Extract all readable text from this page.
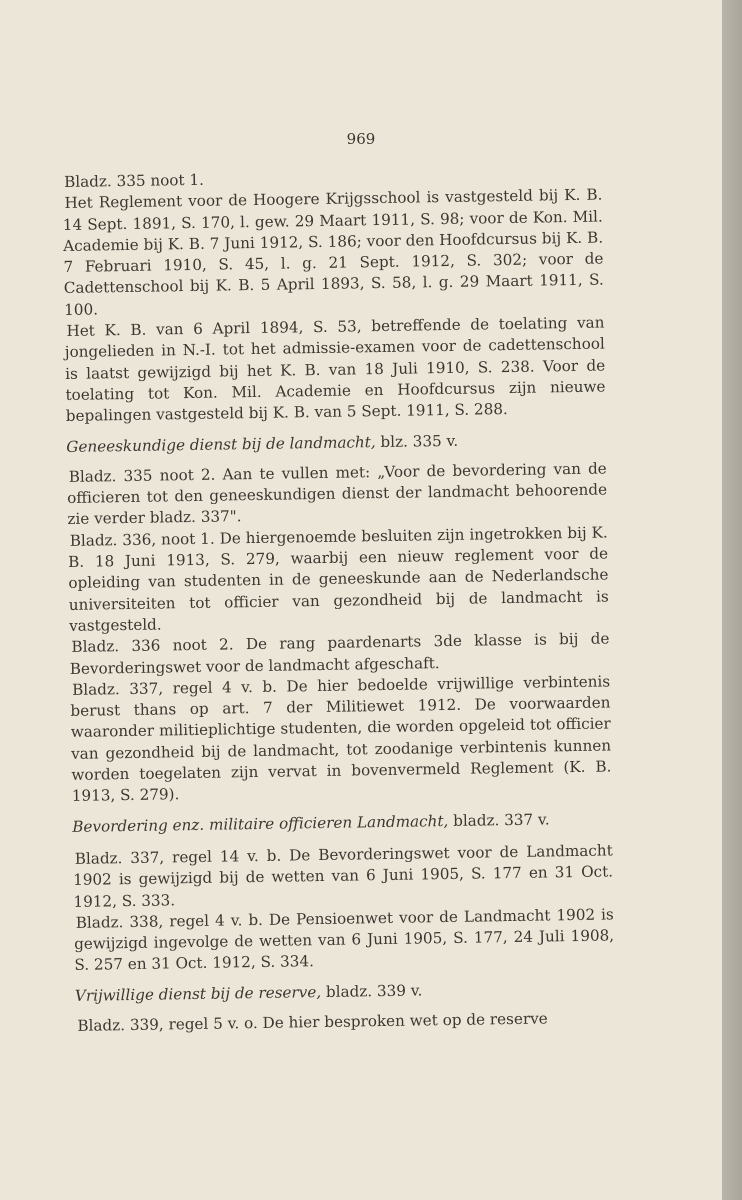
969

Bladz. 335 noot 1.

Het Reglement voor de Hoogere Krijgsschool is vastgesteld bij K. B. 14 Sept. 1891, S. 170, l. gew. 29 Maart 1911, S. 98; voor de Kon. Mil. Academie bij K. B. 7 Juni 1912, S. 186; voor den Hoofdcursus bij K. B. 7 Februari 1910, S. 45, l. g. 21 Sept. 1912, S. 302; voor de Cadettenschool bij K. B. 5 April 1893, S. 58, l. g. 29 Maart 1911, S. 100.

Het K. B. van 6 April 1894, S. 53, betreffende de toelating van jongelieden in N.-I. tot het admissie-examen voor de cadettenschool is laatst gewijzigd bij het K. B. van 18 Juli 1910, S. 238. Voor de toelating tot Kon. Mil. Academie en Hoofdcursus zijn nieuwe bepalingen vastgesteld bij K. B. van 5 Sept. 1911, S. 288.

Geneeskundige dienst bij de landmacht, blz. 335 v.

Bladz. 335 noot 2. Aan te vullen met: „Voor de bevordering van de officieren tot den geneeskundigen dienst der landmacht behoorende zie verder bladz. 337".

Bladz. 336, noot 1. De hiergenoemde besluiten zijn ingetrokken bij K. B. 18 Juni 1913, S. 279, waarbij een nieuw reglement voor de opleiding van studenten in de geneeskunde aan de Nederlandsche universiteiten tot officier van gezondheid bij de landmacht is vastgesteld.

Bladz. 336 noot 2. De rang paardenarts 3de klasse is bij de Bevorderingswet voor de landmacht afgeschaft.

Bladz. 337, regel 4 v. b. De hier bedoelde vrijwillige verbintenis berust thans op art. 7 der Militiewet 1912. De voorwaarden waaronder militieplichtige studenten, die worden opgeleid tot officier van gezondheid bij de landmacht, tot zoodanige verbintenis kunnen worden toegelaten zijn vervat in bovenvermeld Reglement (K. B. 1913, S. 279).

Bevordering enz. militaire officieren Landmacht, bladz. 337 v.

Bladz. 337, regel 14 v. b. De Bevorderingswet voor de Landmacht 1902 is gewijzigd bij de wetten van 6 Juni 1905, S. 177 en 31 Oct. 1912, S. 333.

Bladz. 338, regel 4 v. b. De Pensioenwet voor de Landmacht 1902 is gewijzigd ingevolge de wetten van 6 Juni 1905, S. 177, 24 Juli 1908, S. 257 en 31 Oct. 1912, S. 334.

Vrijwillige dienst bij de reserve, bladz. 339 v.

Bladz. 339, regel 5 v. o. De hier besproken wet op de reserve
